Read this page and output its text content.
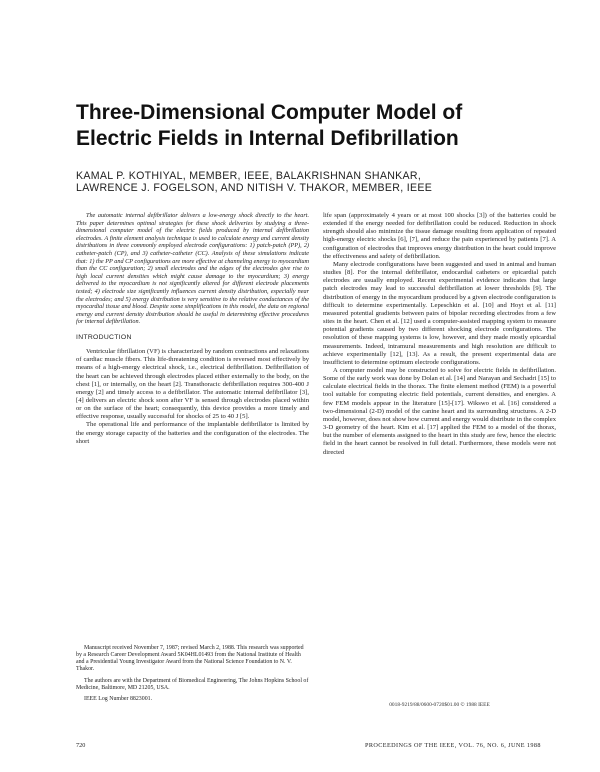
Three-Dimensional Computer Model of
Electric Fields in Internal Defibrillation
KAMAL P. KOTHIYAL, MEMBER, IEEE, BALAKRISHNAN SHANKAR,
LAWRENCE J. FOGELSON, AND NITISH V. THAKOR, MEMBER, IEEE

The automatic internal defibrillator delivers a low-energy shock directly to the heart. This paper determines optimal strategies for these shock deliveries by studying a three-dimensional computer model of the electric fields produced by internal defibrillation electrodes. A finite element analysis technique is used to calculate energy and current density distributions in three commonly employed electrode configurations: 1) patch-patch (PP), 2) catheter-patch (CP), and 3) catheter-catheter (CC). Analysis of these simulations indicate that: 1) the PP and CP configurations are more effective at channeling energy to myocardium than the CC configuration; 2) small electrodes and the edges of the electrodes give rise to high local current densities which might cause damage to the myocardium; 3) energy delivered to the myocardium is not significantly altered for different electrode placements tested; 4) electrode size significantly influences current density distribution, especially near the electrodes; and 5) energy distribution is very sensitive to the relative conductances of the myocardial tissue and blood. Despite some simplifications in this model, the data on regional energy and current density distribution should be useful in determining effective procedures for internal defibrillation.

INTRODUCTION

Ventricular fibrillation (VF) is characterized by random contractions and relaxations of cardiac muscle fibers. This life-threatening condition is reversed most effectively by means of a high-energy electrical shock, i.e., electrical defibrillation. Defibrillation of the heart can be achieved through electrodes placed either externally to the body, on the chest [1], or internally, on the heart [2]. Transthoracic defibrillation requires 300-400 J energy [2] and timely access to a defibrillator. The automatic internal defibrillator [3], [4] delivers an electric shock soon after VF is sensed through electrodes placed within or on the surface of the heart; consequently, this device provides a more timely and effective response, usually successful for shocks of 25 to 40 J [5].

The operational life and performance of the implantable defibrillator is limited by the energy storage capacity of the batteries and the configuration of the electrodes. The short

life span (approximately 4 years or at most 100 shocks [3]) of the batteries could be extended if the energy needed for defibrillation could be reduced. Reduction in shock strength should also minimize the tissue damage resulting from application of repeated high-energy electric shocks [6], [7], and reduce the pain experienced by patients [7]. A configuration of electrodes that improves energy distribution in the heart could improve the effectiveness and safety of defibrillation.

Many electrode configurations have been suggested and used in animal and human studies [8]. For the internal defibrillator, endocardial catheters or epicardial patch electrodes are usually employed. Recent experimental evidence indicates that large patch electrodes may lead to successful defibrillation at lower thresholds [9]. The distribution of energy in the myocardium produced by a given electrode configuration is difficult to determine experimentally. Lepeschkin et al. [10] and Hoyt et al. [11] measured potential gradients between pairs of bipolar recording electrodes from a few sites in the heart. Chen et al. [12] used a computer-assisted mapping system to measure potential gradients caused by two different shocking electrode configurations. The resolution of these mapping systems is low, however, and they made mostly epicardial measurements. Indeed, intramural measurements and high resolution are difficult to achieve experimentally [12], [13]. As a result, the present experimental data are insufficient to determine optimum electrode configurations.

A computer model may be constructed to solve for electric fields in defibrillation. Some of the early work was done by Dolan et al. [14] and Narayan and Sechadri [15] to calculate electrical fields in the thorax. The finite element method (FEM) is a powerful tool suitable for computing electric field potentials, current densities, and energies. A few FEM models appear in the literature [15]-[17]. Wikswo et al. [16] considered a two-dimensional (2-D) model of the canine heart and its surrounding structures. A 2-D model, however, does not show how current and energy would distribute in the complex 3-D geometry of the heart. Kim et al. [17] applied the FEM to a model of the thorax, but the number of elements assigned to the heart in this study are few, hence the electric field in the heart cannot be resolved in full detail. Furthermore, these models were not directed

Manuscript received November 7, 1987; revised March 2, 1988. This research was supported by a Research Career Development Award 5K04HL01493 from the National Institute of Health and a Presidential Young Investigator Award from the National Science Foundation to N. V. Thakor.

The authors are with the Department of Biomedical Engineering, The Johns Hopkins School of Medicine, Baltimore, MD 21205, USA.

IEEE Log Number 8823001.

0018-9219/88/0600-0720$01.00 © 1988 IEEE
720	PROCEEDINGS OF THE IEEE, VOL. 76, NO. 6, JUNE 1988
